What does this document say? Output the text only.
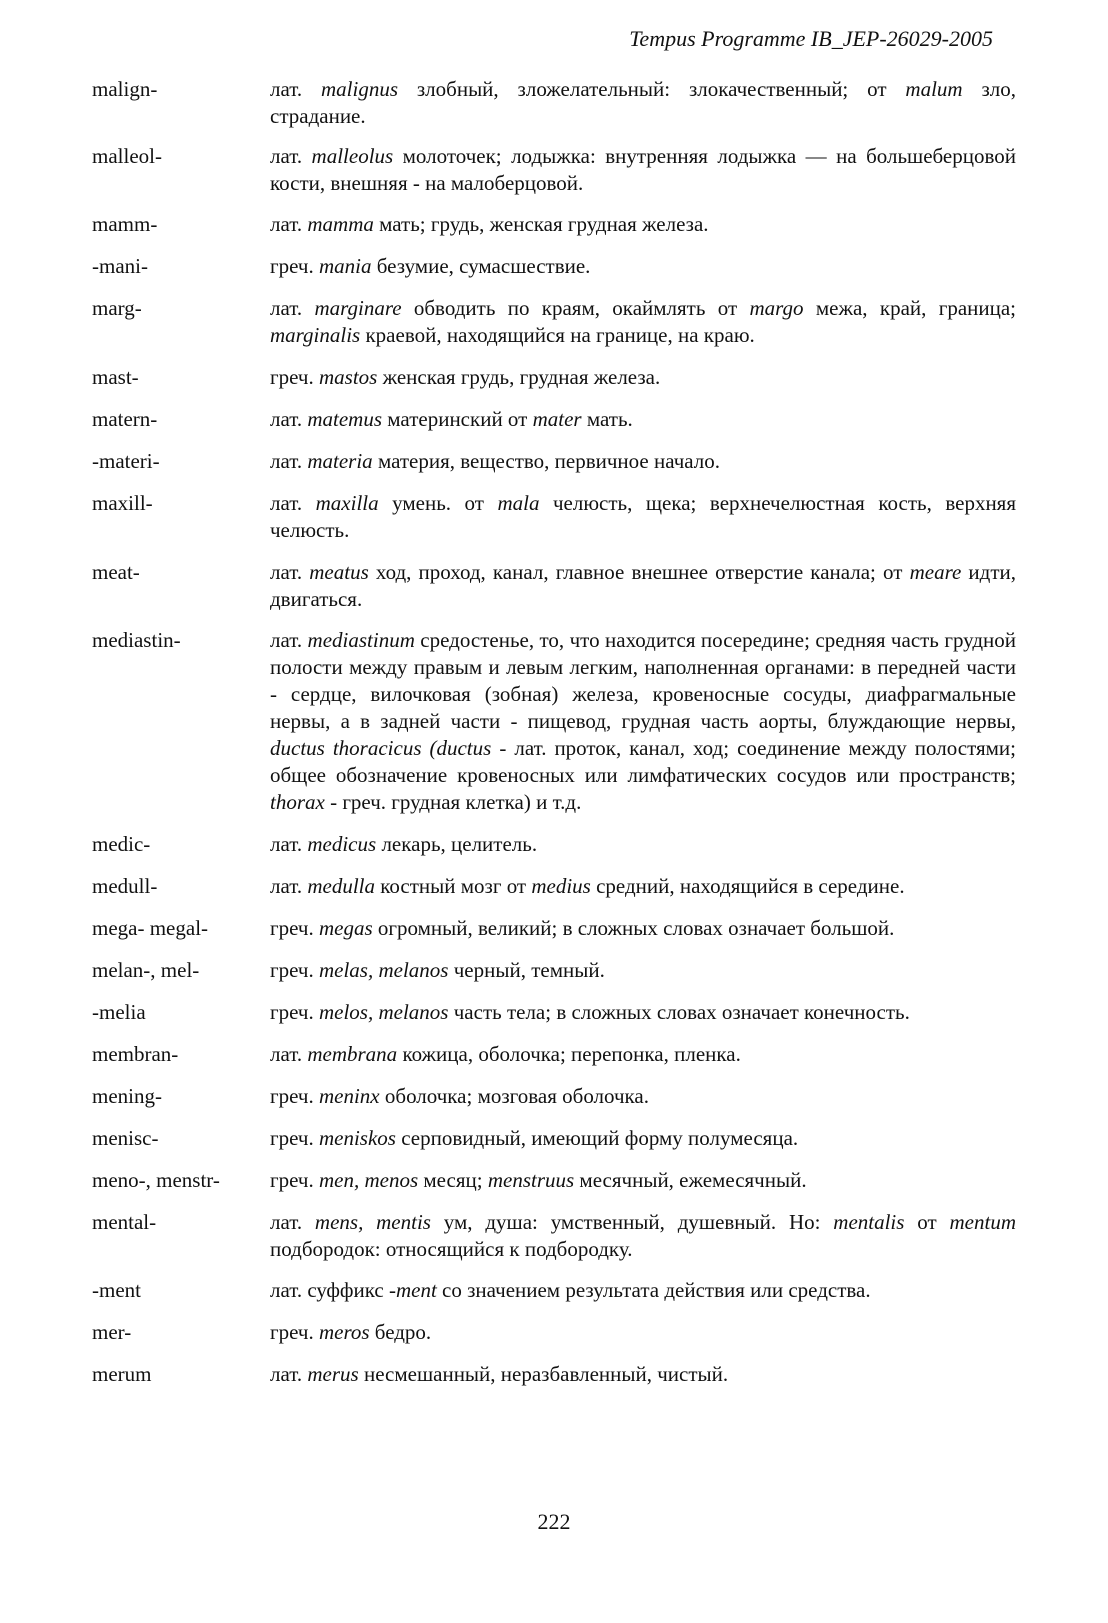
Tempus Programme IB_JEP-26029-2005
malign-	лат. malignus злобный, зложелательный: злокачественный; от malum зло, страдание.
malleol-	лат. malleolus молоточек; лодыжка: внутренняя лодыжка — на большеберцовой кости, внешняя - на малоберцовой.
mamm-	лат. mamma мать; грудь, женская грудная железа.
-mani-	греч. mania безумие, сумасшествие.
marg-	лат. marginare обводить по краям, окаймлять от margo межа, край, граница; marginalis краевой, находящийся на границе, на краю.
mast-	греч. mastos женская грудь, грудная железа.
matern-	лат. matemus материнский от mater мать.
-materi-	лат. materia материя, вещество, первичное начало.
maxill-	лат. maxilla умень. от mala челюсть, щека; верхнечелюстная кость, верхняя челюсть.
meat-	лат. meatus ход, проход, канал, главное внешнее отверстие канала; от meare идти, двигаться.
mediastin-	лат. mediastinum средостенье, то, что находится посередине; средняя часть грудной полости между правым и левым легким, наполненная органами: в передней части - сердце, вилочковая (зобная) железа, кровеносные сосуды, диафрагмальные нервы, а в задней части - пищевод, грудная часть аорты, блуждающие нервы, ductus thoracicus (ductus - лат. проток, канал, ход; соединение между полостями; общее обозначение кровеносных или лимфатических сосудов или пространств; thorax - греч. грудная клетка) и т.д.
medic-	лат. medicus лекарь, целитель.
medull-	лат. medulla костный мозг от medius средний, находящийся в середине.
mega- megal-	греч. megas огромный, великий; в сложных словах означает большой.
melan-, mel-	греч. melas, melanos черный, темный.
-melia	греч. melos, melanos часть тела; в сложных словах означает конечность.
membran-	лат. membrana кожица, оболочка; перепонка, пленка.
mening-	греч. meninx оболочка; мозговая оболочка.
menisc-	греч. meniskos серповидный, имеющий форму полумесяца.
meno-, menstr-	греч. men, menos месяц; menstruus месячный, ежемесячный.
mental-	лат. mens, mentis ум, душа: умственный, душевный. Но: mentalis от mentum подбородок: относящийся к подбородку.
-ment	лат. суффикс -ment со значением результата действия или средства.
mer-	греч. meros бедро.
merum	лат. merus несмешанный, неразбавленный, чистый.
222
